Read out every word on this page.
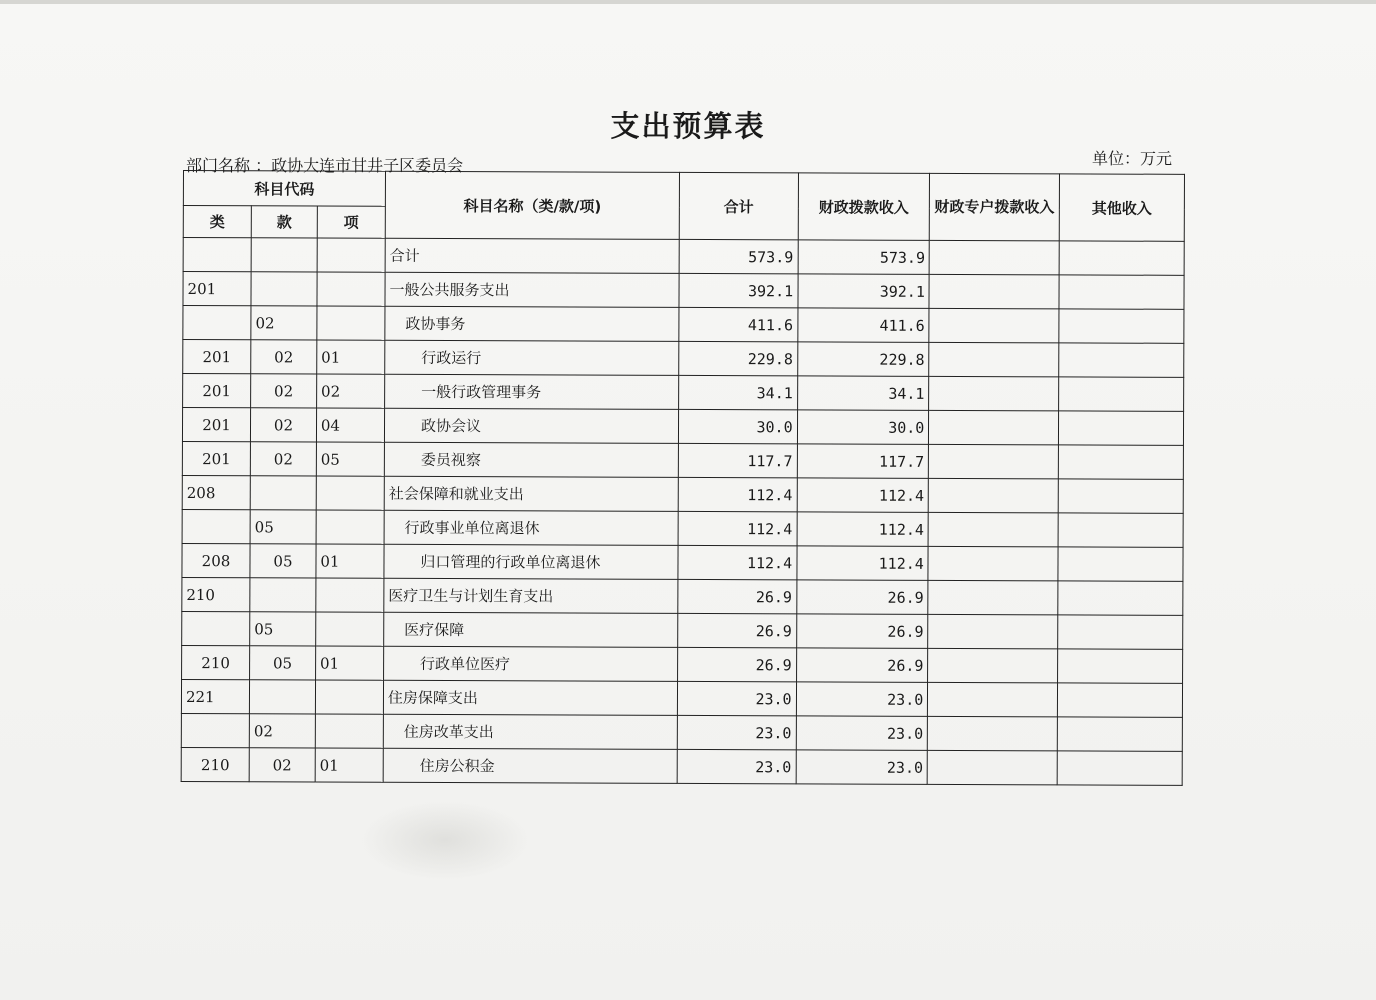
支出预算表
部门名称 ：政协大连市甘井子区委员会	单位：万元
科目代码			科目名称（类/款/项)	合计	财政拨款收入	财政专户拨款收入	其他收入
类	款	项					
			合计	573.9	573.9		
201			一般公共服务支出	392.1	392.1		
	02		政协事务	411.6	411.6		
201	02	01	行政运行	229.8	229.8		
201	02	02	一般行政管理事务	34.1	34.1		
201	02	04	政协会议	30.0	30.0		
201	02	05	委员视察	117.7	117.7		
208			社会保障和就业支出	112.4	112.4		
	05		行政事业单位离退休	112.4	112.4		
208	05	01	归口管理的行政单位离退休	112.4	112.4		
210			医疗卫生与计划生育支出	26.9	26.9		
	05		医疗保障	26.9	26.9		
210	05	01	行政单位医疗	26.9	26.9		
221			住房保障支出	23.0	23.0		
	02		住房改革支出	23.0	23.0		
210	02	01	住房公积金	23.0	23.0		
